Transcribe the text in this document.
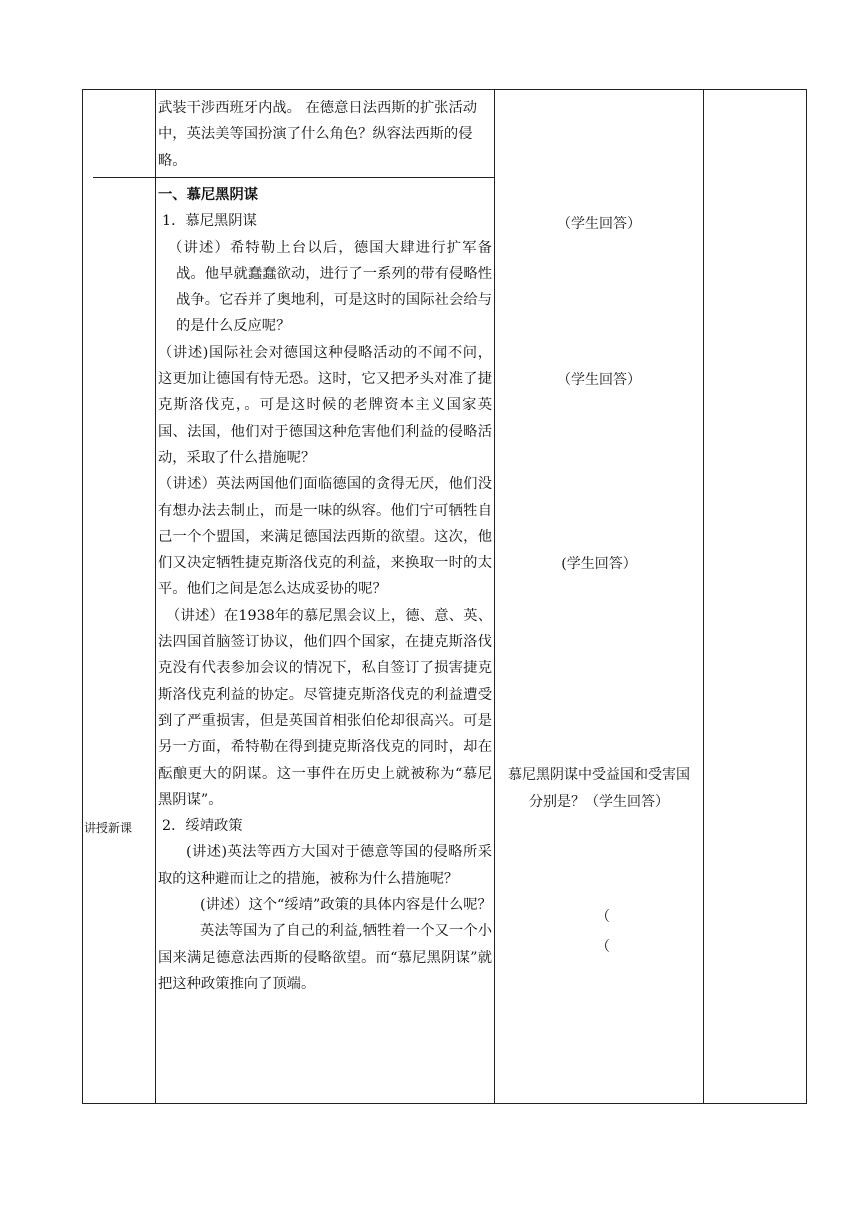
武装干涉西班牙内战。 在德意日法西斯的扩张活动

中，英法美等国扮演了什么角色？纵容法西斯的侵

略。

讲授新课

一、慕尼黑阴谋

1．慕尼黑阴谋

（讲述）希特勒上台以后，德国大肆进行扩军备战。他早就蠢蠢欲动，进行了一系列的带有侵略性战争。它吞并了奥地利，可是这时的国际社会给与的是什么反应呢？

（讲述)国际社会对德国这种侵略活动的不闻不问，这更加让德国有恃无恐。这时，它又把矛头对准了捷克斯洛伐克，。可是这时候的老牌资本主义国家英国、法国，他们对于德国这种危害他们利益的侵略活动，采取了什么措施呢？

（讲述）英法两国他们面临德国的贪得无厌，他们没有想办法去制止，而是一味的纵容。他们宁可牺牲自己一个个盟国，来满足德国法西斯的欲望。这次，他们又决定牺牲捷克斯洛伐克的利益，来换取一时的太平。他们之间是怎么达成妥协的呢？

（讲述）在1938年的慕尼黑会议上，德、意、英、法四国首脑签订协议，他们四个国家，在捷克斯洛伐克没有代表参加会议的情况下，私自签订了损害捷克斯洛伐克利益的协定。尽管捷克斯洛伐克的利益遭受到了严重损害，但是英国首相张伯伦却很高兴。可是另一方面，希特勒在得到捷克斯洛伐克的同时，却在酝酿更大的阴谋。这一事件在历史上就被称为“慕尼黑阴谋”。

2．绥靖政策

(讲述)英法等西方大国对于德意等国的侵略所采取的这种避而让之的措施，被称为什么措施呢？

(讲述）这个“绥靖”政策的具体内容是什么呢？

英法等国为了自己的利益,牺牲着一个又一个小国来满足德意法西斯的侵略欲望。而“慕尼黑阴谋”就把这种政策推向了顶端。

（学生回答）
（学生回答）
(学生回答）
慕尼黑阴谋中受益国和受害国
分别是？（学生回答）
（
（
